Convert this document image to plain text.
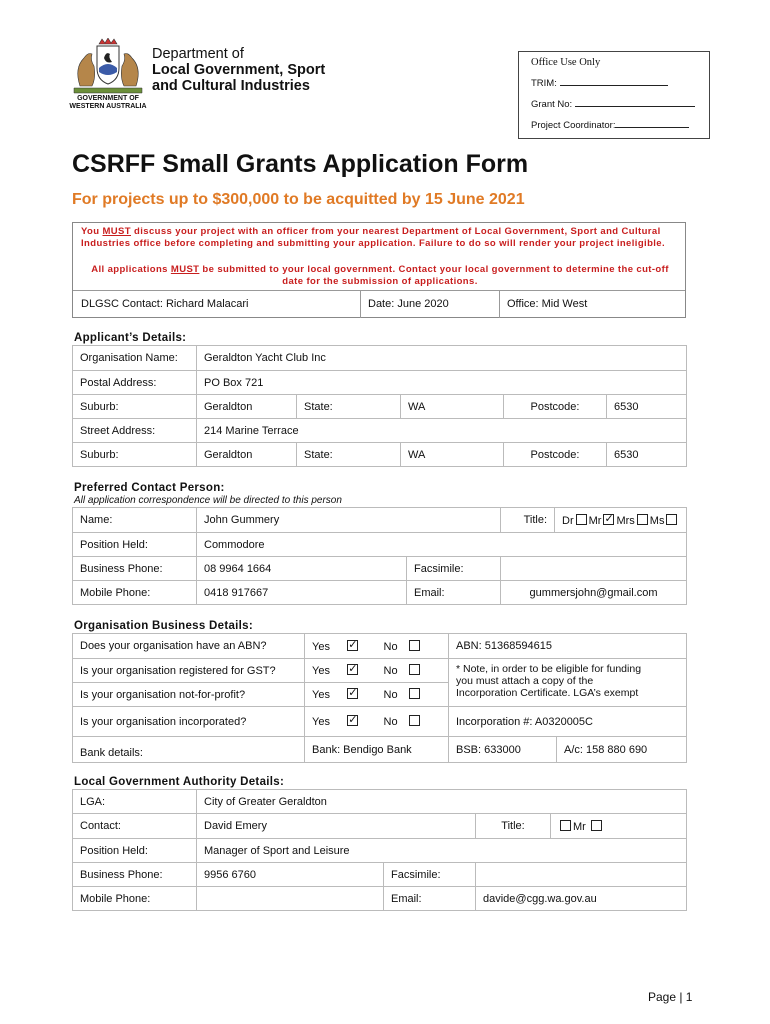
GOVERNMENT OF
WESTERN AUSTRALIA
Department of
Local Government, Sport
and Cultural Industries
Office Use Only
TRIM:
Grant No:
Project Coordinator:
CSRFF Small Grants Application Form
For projects up to $300,000 to be acquitted by 15 June 2021
You MUST discuss your project with an officer from your nearest Department of Local Government, Sport and Cultural Industries office before completing and submitting your application. Failure to do so will render your project ineligible.
All applications MUST be submitted to your local government. Contact your local government to determine the cut-off date for the submission of applications.
DLGSC Contact: Richard Malacari	Date: June 2020	Office: Mid West
Applicant’s Details:
Organisation Name:	Geraldton Yacht Club Inc				
Postal Address:	PO Box 721				
Suburb:	Geraldton	State:	WA	Postcode:	6530
Street Address:	214 Marine Terrace				
Suburb:	Geraldton	State:	WA	Postcode:	6530
Preferred Contact Person:
All application correspondence will be directed to this person
Name:	John Gummery		Title:	Dr Mr ✓ Mrs Ms
Position Held:	Commodore			
Business Phone:	08 9964 1664	Facsimile:		
Mobile Phone:	0418 917667	Email:	gummersjohn@gmail.com	
Organisation Business Details:
Does your organisation have an ABN?	Yes     ✓	No	ABN: 51368594615	
Is your organisation registered for GST?	Yes     ✓	No	* Note, in order to be eligible for funding
you must attach a copy of the
Incorporation Certificate. LGA’s exempt	

Is your organisation not-for-profit?	Yes     ✓	No		
Is your organisation incorporated?	Yes     ✓	No	Incorporation #: A0320005C	
Bank details:	Bank: Bendigo Bank		BSB: 633000	A/c: 158 880 690
Local Government Authority Details:
LGA:	City of Greater Geraldton			
Contact:	David Emery		Title:	Mr
Position Held:	Manager of Sport and Leisure			
Business Phone:	9956 6760	Facsimile:		
Mobile Phone:		Email:	davide@cgg.wa.gov.au	
Page | 1
